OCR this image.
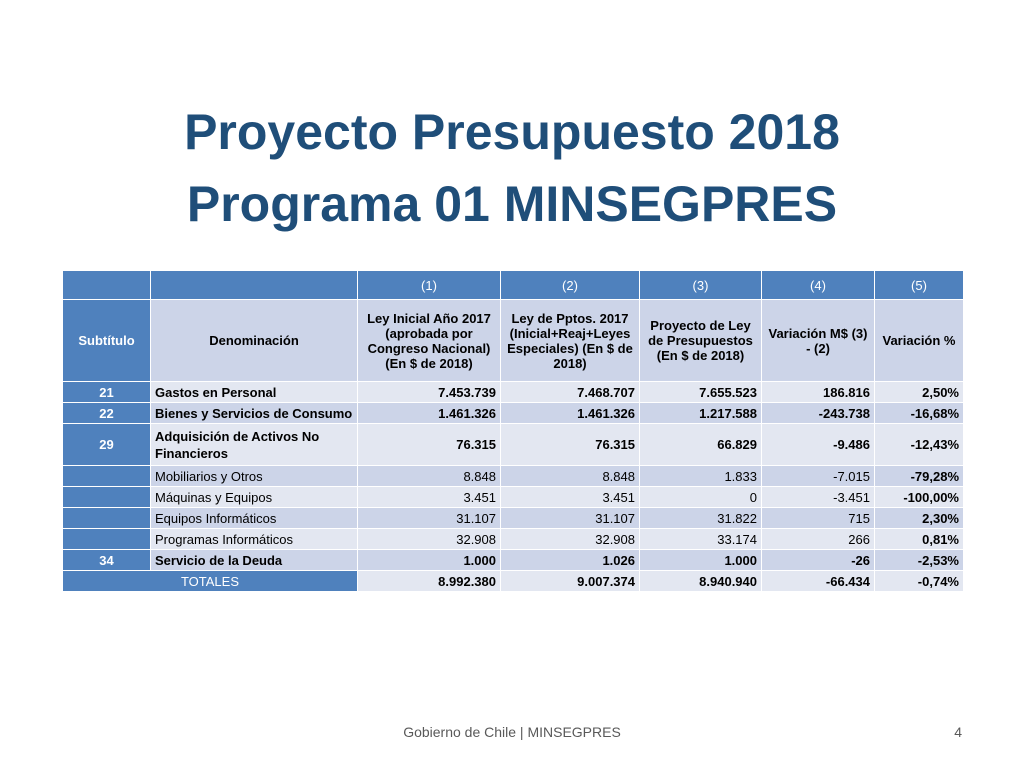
Proyecto Presupuesto 2018
Programa 01 MINSEGPRES
		(1)	(2)	(3)	(4)	(5)
Subtítulo	Denominación	Ley Inicial Año 2017 (aprobada por Congreso Nacional) (En $ de 2018)	Ley de Pptos. 2017 (Inicial+Reaj+Leyes Especiales) (En $ de 2018)	Proyecto de Ley de Presupuestos (En $ de 2018)	Variación M$ (3) - (2)	Variación %
21	Gastos en Personal	7.453.739	7.468.707	7.655.523	186.816	2,50%
22	Bienes y Servicios de Consumo	1.461.326	1.461.326	1.217.588	-243.738	-16,68%
29	Adquisición de Activos No Financieros	76.315	76.315	66.829	-9.486	-12,43%
	Mobiliarios y Otros	8.848	8.848	1.833	-7.015	-79,28%
	Máquinas y Equipos	3.451	3.451	0	-3.451	-100,00%
	Equipos Informáticos	31.107	31.107	31.822	715	2,30%
	Programas Informáticos	32.908	32.908	33.174	266	0,81%
34	Servicio de la Deuda	1.000	1.026	1.000	-26	-2,53%
TOTALES		8.992.380	9.007.374	8.940.940	-66.434	-0,74%
Gobierno de Chile | MINSEGPRES	4
